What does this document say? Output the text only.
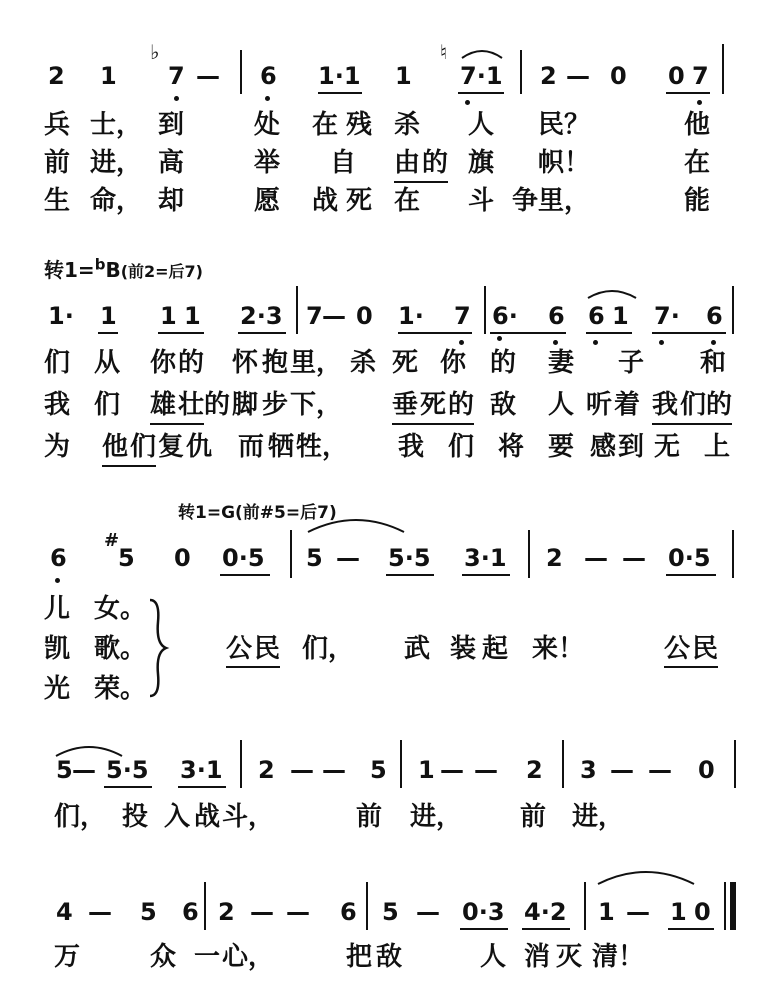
2 1
♭
7 — 6 1·1 1
♮
7·1 2 — 0 0 7
兵 士， 到	处 在 残 杀 人 民？	他
前 进， 高	举 自 由 的 旗 帜！	在
生 命， 却	愿 战 死 在 斗 争 里，	能
转1=$^b$B(前2=后7)
1· 1 1 1 2·3 7 — 0 1· 7 6· 6 6 1 7· 6
们 从 你 的 怀 抱 里， 杀 死 你 的 妻 子 和
我 们 雄 壮 的 脚 步 下， 垂 死 的 敌 人 听 着 我 们 的
为 他 们 复 仇 而 牺 牲， 我 们 将 要 感 到 无 上
转1=G(前#5=后7)
6
#
5 0 0·5 5 — 5·5 3·1 2 — — 0·5
儿 女。
凯 歌。
光 荣。
公 民 们， 武 装 起 来！	公 民
5 — 5·5 3·1 2 — — 5 1 — — 2 3 — — 0
们， 投 入 战 斗，	前 进， 前 进，
4 — 5 6 2 — — 6 5 — 0·3 4·2 1 — 1 0
万	众 一 心，	把 敌	人 消 灭 清！
